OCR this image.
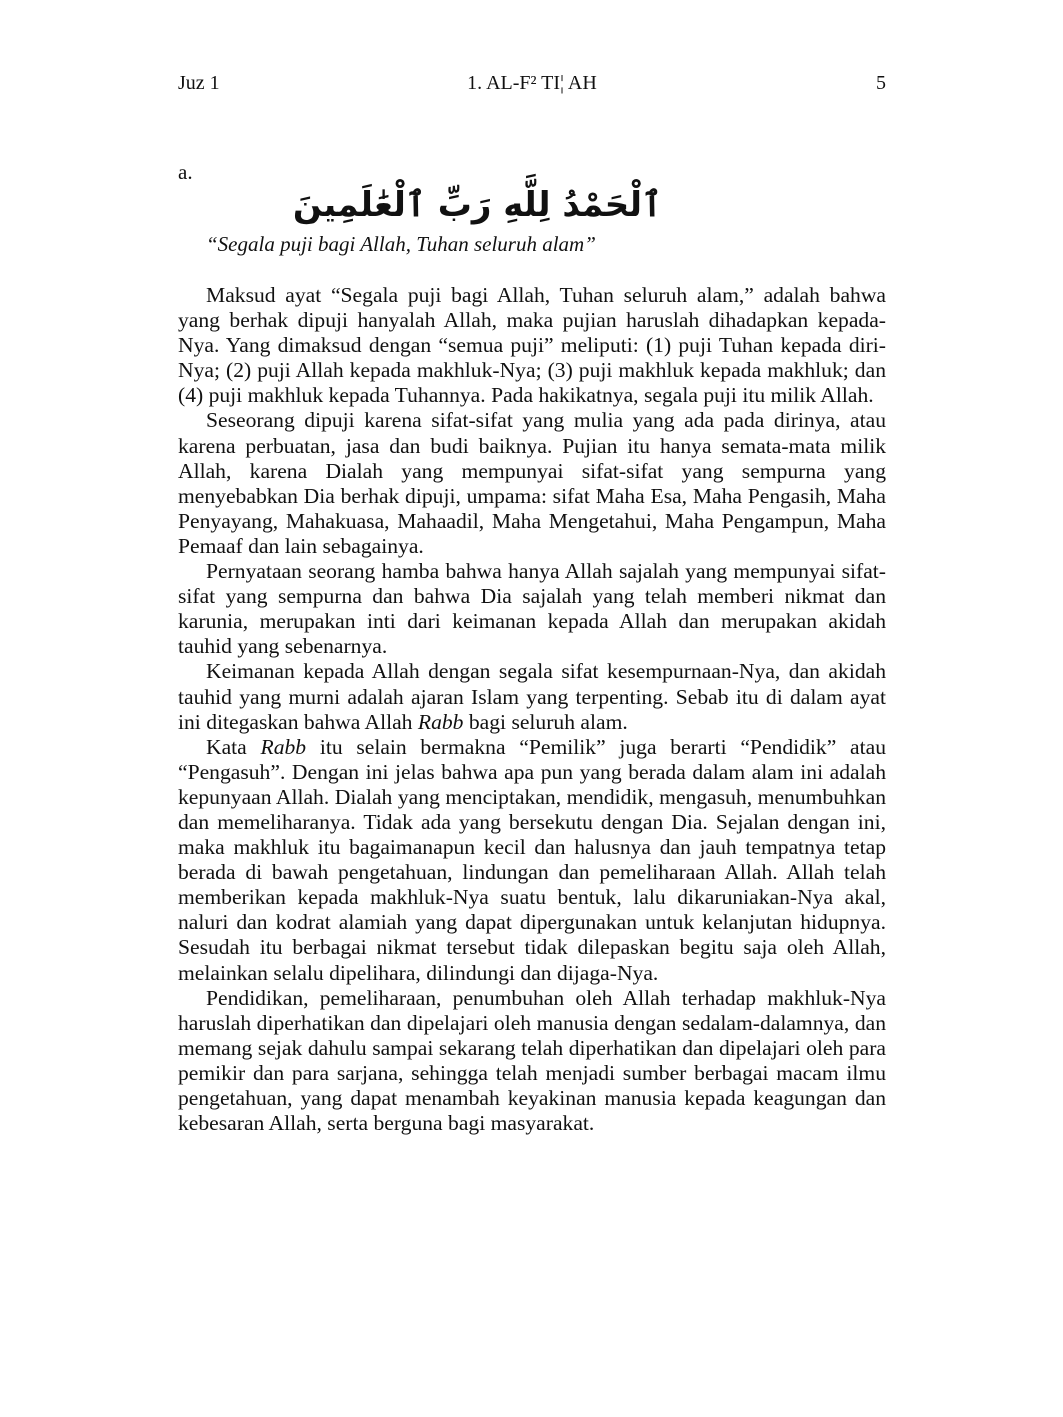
Juz 1	1. AL-F² TI¦ AH	5
a.
ٱلْحَمْدُ لِلَّهِ رَبِّ ٱلْعَٰلَمِينَ
“Segala puji bagi Allah, Tuhan seluruh alam”

Maksud ayat “Segala puji bagi Allah, Tuhan seluruh alam,” adalah bahwa yang berhak dipuji hanyalah Allah, maka pujian haruslah dihadapkan kepada-Nya. Yang dimaksud dengan “semua puji” meliputi: (1) puji Tuhan kepada diri-Nya; (2) puji Allah kepada makhluk-Nya; (3) puji makhluk kepada makhluk; dan (4) puji makhluk kepada Tuhannya. Pada hakikatnya, segala puji itu milik Allah.

Seseorang dipuji karena sifat-sifat yang mulia yang ada pada dirinya, atau karena perbuatan, jasa dan budi baiknya. Pujian itu hanya semata-mata milik Allah, karena Dialah yang mempunyai sifat-sifat yang sempurna yang menyebabkan Dia berhak dipuji, umpama: sifat Maha Esa, Maha Pengasih, Maha Penyayang, Mahakuasa, Mahaadil, Maha Mengetahui, Maha Pengampun, Maha Pemaaf dan lain sebagainya.

Pernyataan seorang hamba bahwa hanya Allah sajalah yang mempunyai sifat-sifat yang sempurna dan bahwa Dia sajalah yang telah memberi nikmat dan karunia, merupakan inti dari keimanan kepada Allah dan merupakan akidah tauhid yang sebenarnya.

Keimanan kepada Allah dengan segala sifat kesempurnaan-Nya, dan akidah tauhid yang murni adalah ajaran Islam yang terpenting. Sebab itu di dalam ayat ini ditegaskan bahwa Allah Rabb bagi seluruh alam.

Kata Rabb itu selain bermakna “Pemilik” juga berarti “Pendidik” atau “Pengasuh”. Dengan ini jelas bahwa apa pun yang berada dalam alam ini adalah kepunyaan Allah. Dialah yang menciptakan, mendidik, mengasuh, menumbuhkan dan memeliharanya. Tidak ada yang bersekutu dengan Dia. Sejalan dengan ini, maka makhluk itu bagaimanapun kecil dan halusnya dan jauh tempatnya tetap berada di bawah pengetahuan, lindungan dan pemeliharaan Allah. Allah telah memberikan kepada makhluk-Nya suatu bentuk, lalu dikaruniakan-Nya akal, naluri dan kodrat alamiah yang dapat dipergunakan untuk kelanjutan hidupnya. Sesudah itu berbagai nikmat tersebut tidak dilepaskan begitu saja oleh Allah, melainkan selalu dipelihara, dilindungi dan dijaga-Nya.

Pendidikan, pemeliharaan, penumbuhan oleh Allah terhadap makhluk-Nya haruslah diperhatikan dan dipelajari oleh manusia dengan sedalam-dalamnya, dan memang sejak dahulu sampai sekarang telah diperhatikan dan dipelajari oleh para pemikir dan para sarjana, sehingga telah menjadi sumber berbagai macam ilmu pengetahuan, yang dapat menambah keyakinan manusia kepada keagungan dan kebesaran Allah, serta berguna bagi masyarakat.
